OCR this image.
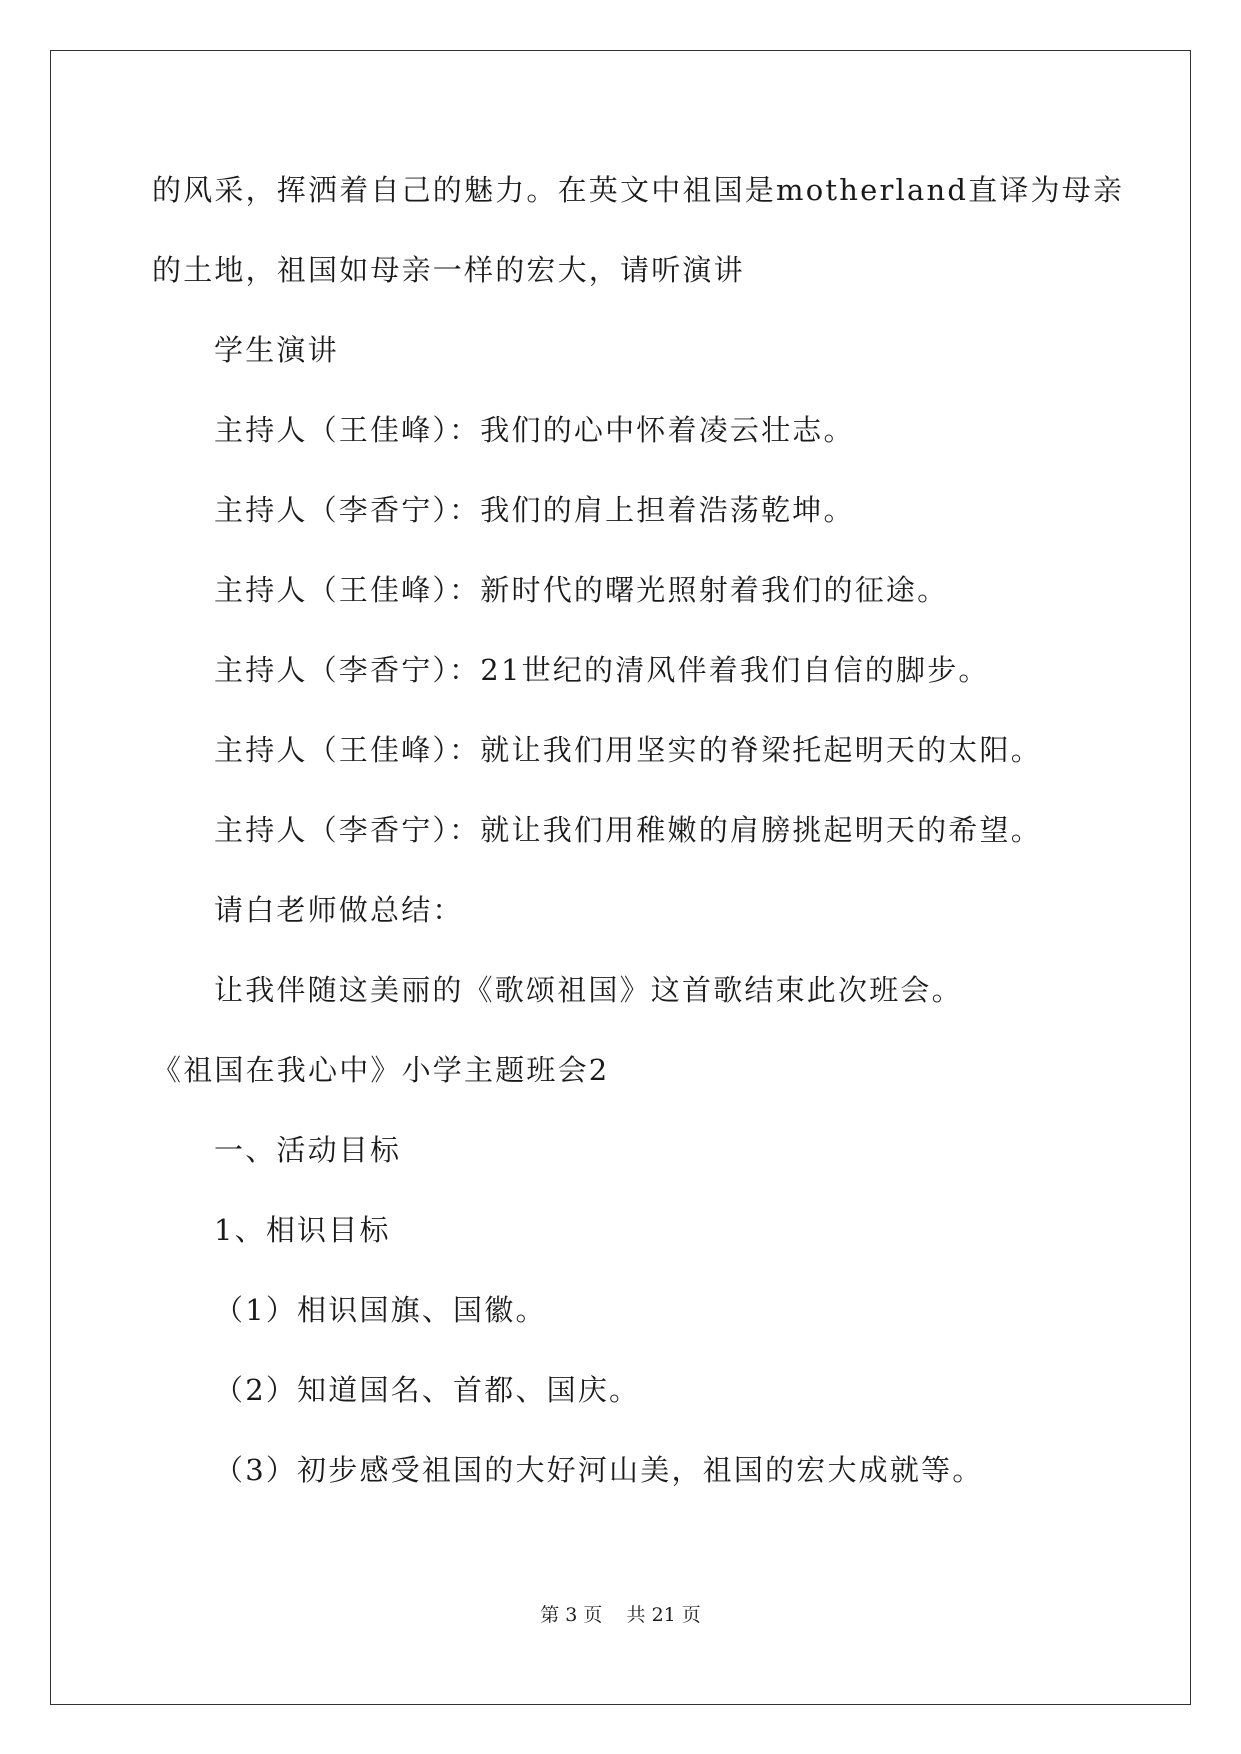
的风采，挥洒着自己的魅力。在英文中祖国是motherland直译为母亲
的土地，祖国如母亲一样的宏大，请听演讲
学生演讲
主持人（王佳峰）：我们的心中怀着凌云壮志。
主持人（李香宁）：我们的肩上担着浩荡乾坤。
主持人（王佳峰）：新时代的曙光照射着我们的征途。
主持人（李香宁）：21世纪的清风伴着我们自信的脚步。
主持人（王佳峰）：就让我们用坚实的脊梁托起明天的太阳。
主持人（李香宁）：就让我们用稚嫩的肩膀挑起明天的希望。
请白老师做总结：
让我伴随这美丽的《歌颂祖国》这首歌结束此次班会。
《祖国在我心中》小学主题班会2
一、活动目标
1、相识目标
（1）相识国旗、国徽。
（2）知道国名、首都、国庆。
（3）初步感受祖国的大好河山美，祖国的宏大成就等。
第 3 页    共 21 页
